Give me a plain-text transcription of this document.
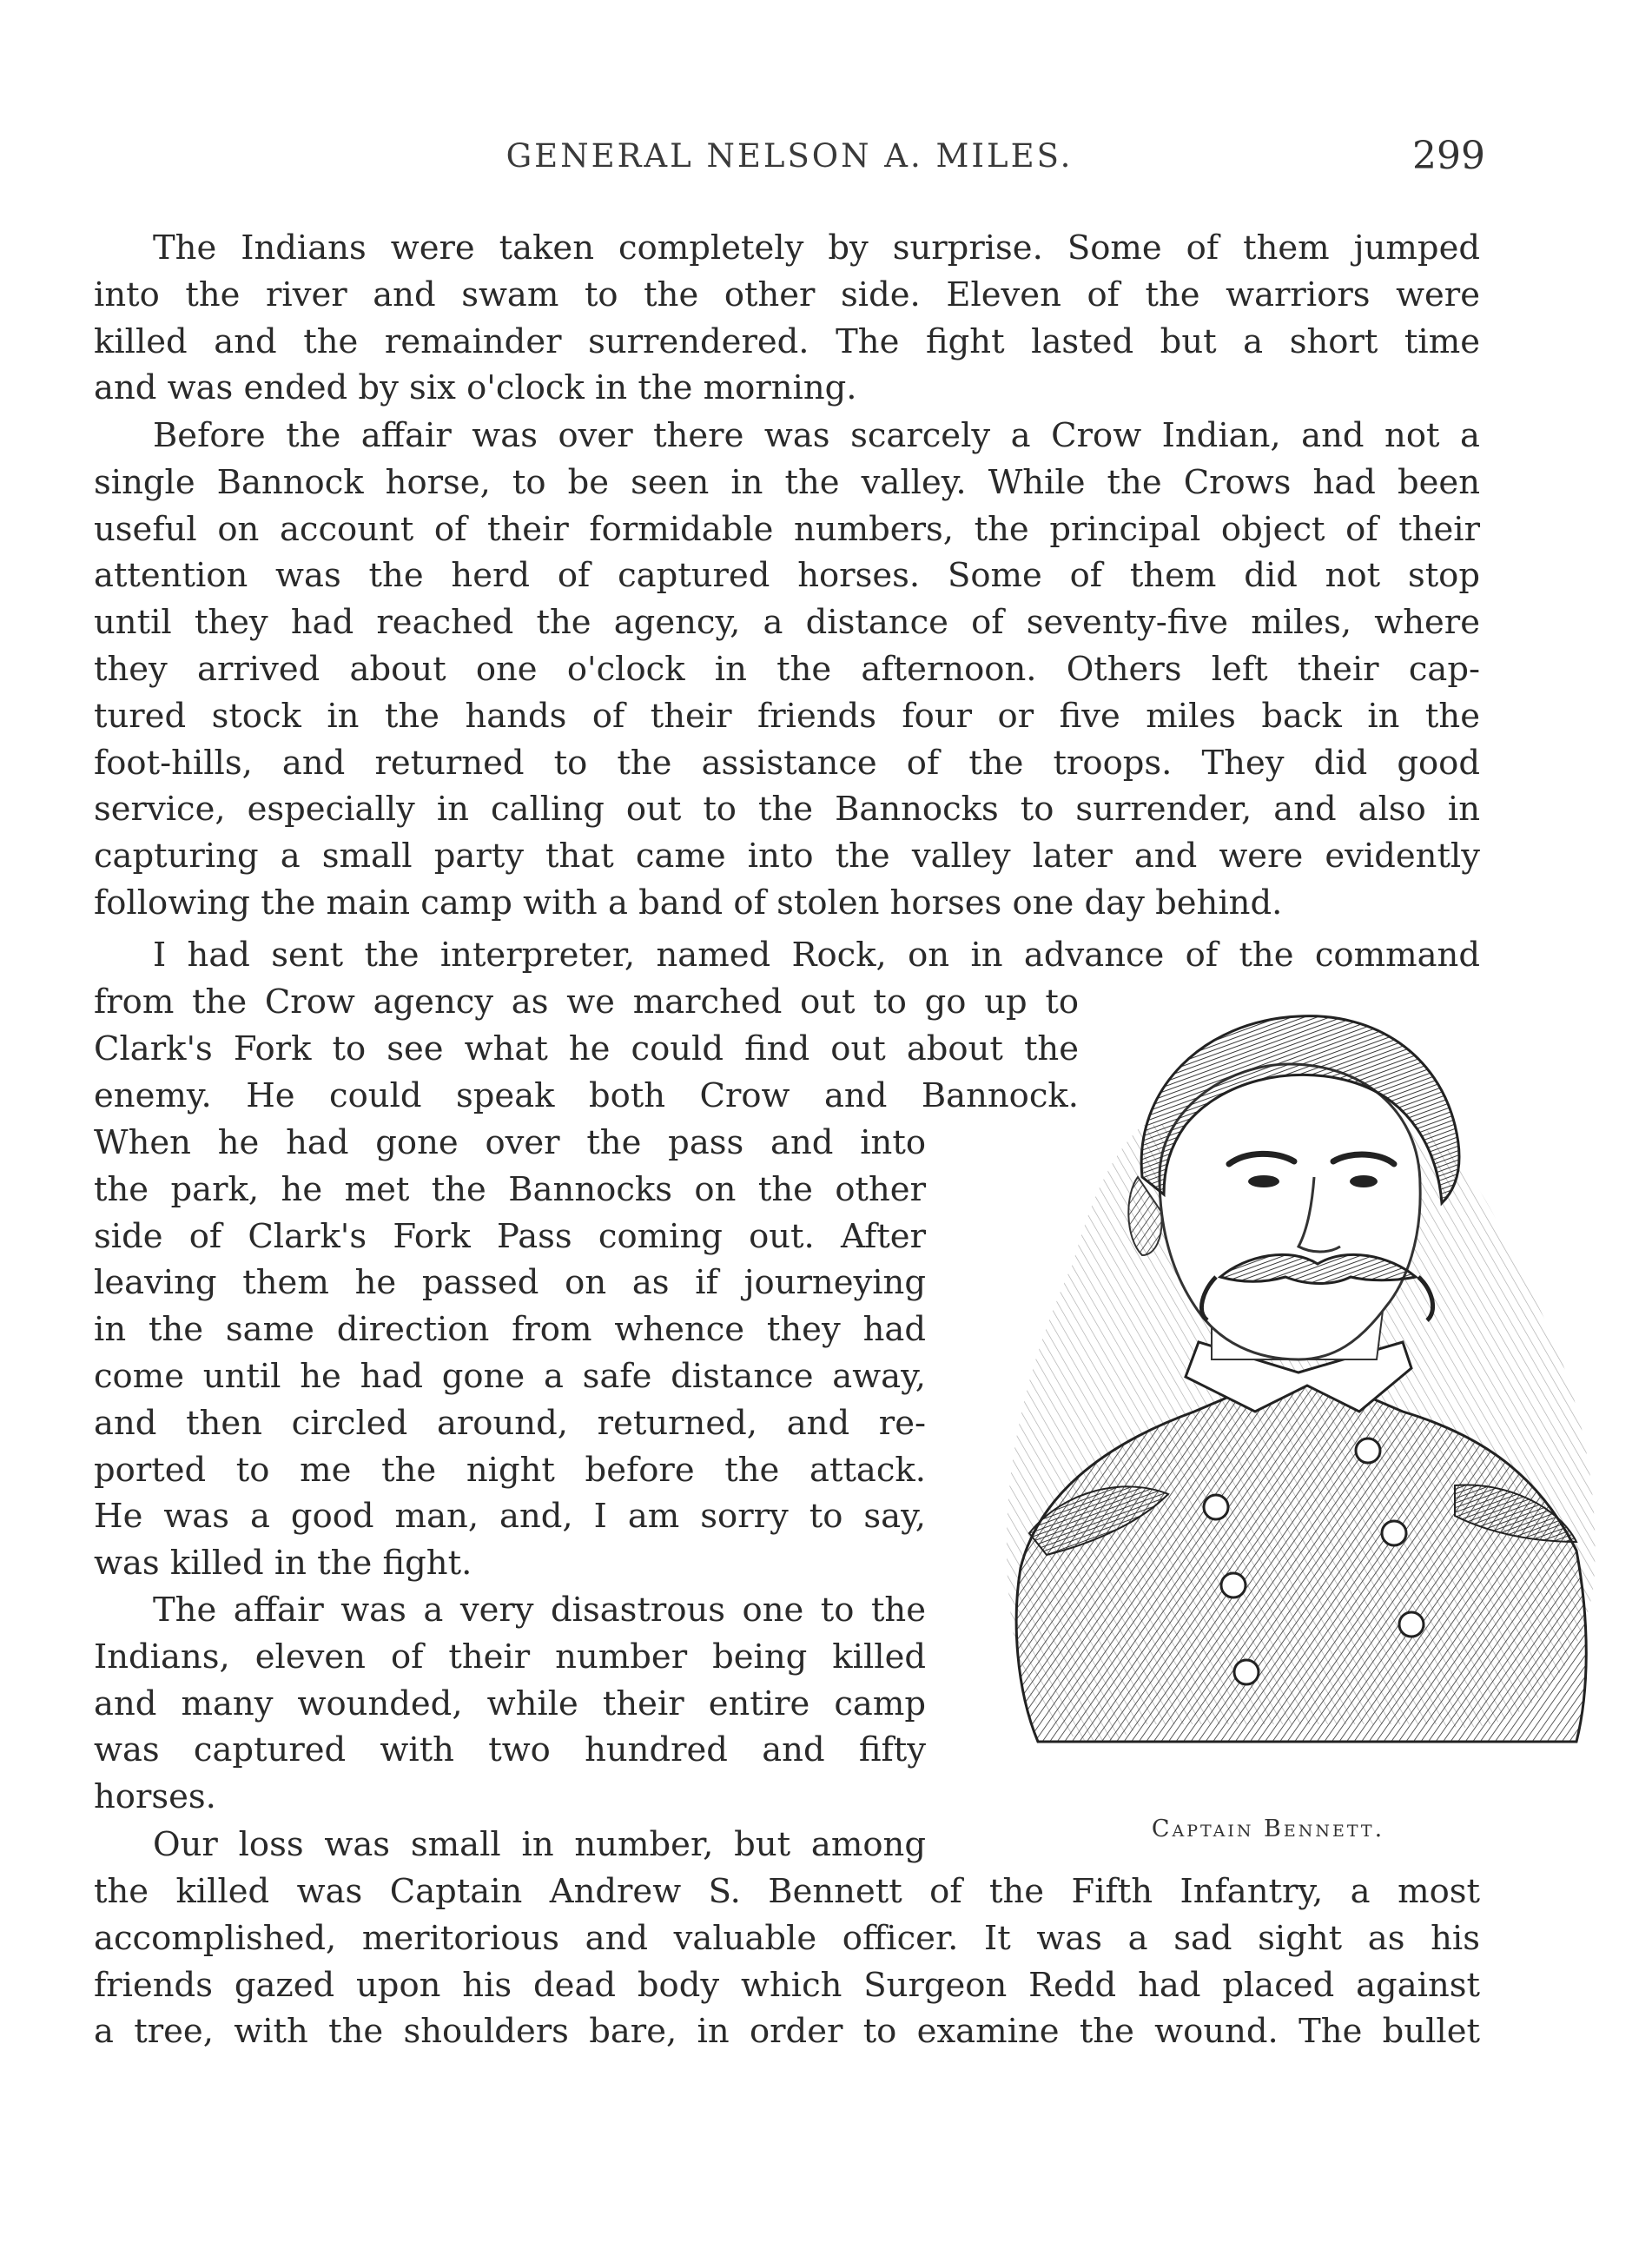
GENERAL NELSON A. MILES.	299
The Indians were taken completely by surprise. Some of them jumped
into the river and swam to the other side. Eleven of the warriors were
killed and the remainder surrendered. The fight lasted but a short time
and was ended by six o'clock in the morning.
Before the affair was over there was scarcely a Crow Indian, and not a
single Bannock horse, to be seen in the valley. While the Crows had been
useful on account of their formidable numbers, the principal object of their
attention was the herd of captured horses. Some of them did not stop
until they had reached the agency, a distance of seventy-five miles, where
they arrived about one o'clock in the afternoon. Others left their cap-
tured stock in the hands of their friends four or five miles back in the
foot-hills, and returned to the assistance of the troops. They did good
service, especially in calling out to the Bannocks to surrender, and also in
capturing a small party that came into the valley later and were evidently
following the main camp with a band of stolen horses one day behind.
I had sent the interpreter, named Rock, on in advance of the command
from the Crow agency as we marched out to go up to
Clark's Fork to see what he could find out about the
enemy. He could speak both Crow and Bannock.
When he had gone over the pass and into
the park, he met the Bannocks on the other
side of Clark's Fork Pass coming out. After
leaving them he passed on as if journeying
in the same direction from whence they had
come until he had gone a safe distance away,
and then circled around, returned, and re-
ported to me the night before the attack.
He was a good man, and, I am sorry to say,
was killed in the fight.
The affair was a very disastrous one to the
Indians, eleven of their number being killed
and many wounded, while their entire camp
was captured with two hundred and fifty
horses.
Our loss was small in number, but among
the killed was Captain Andrew S. Bennett of the Fifth Infantry, a most
accomplished, meritorious and valuable officer. It was a sad sight as his
friends gazed upon his dead body which Surgeon Redd had placed against
a tree, with the shoulders bare, in order to examine the wound. The bullet
Captain Bennett.
